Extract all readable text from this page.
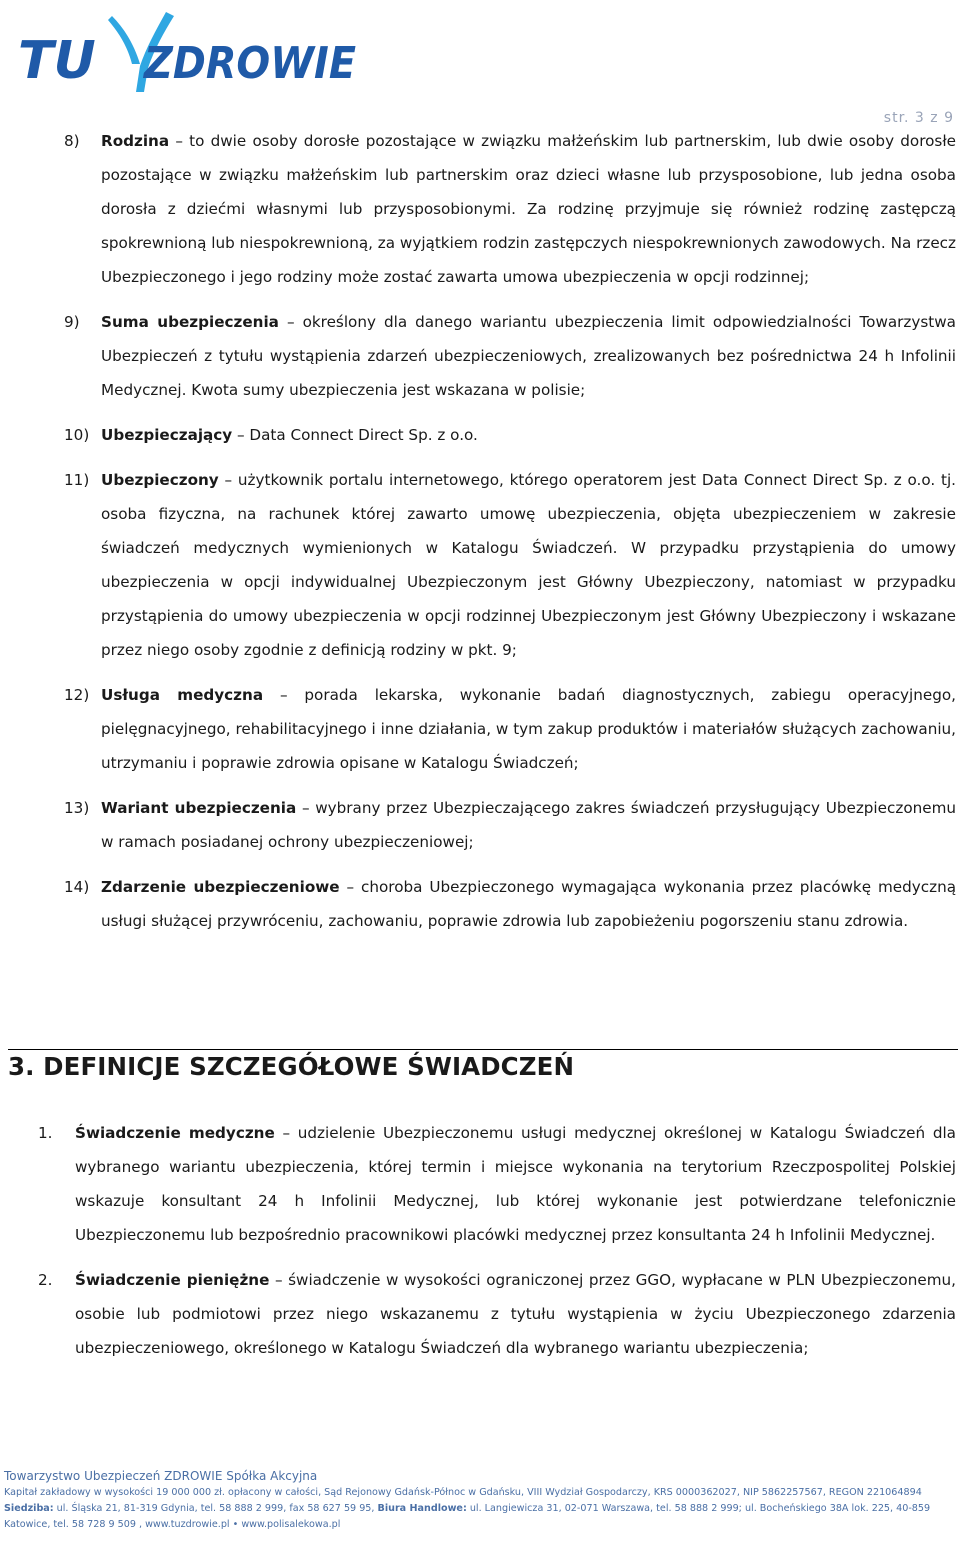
TU ZDROWIE
str. 3 z 9
8) Rodzina – to dwie osoby dorosłe pozostające w związku małżeńskim lub partnerskim, lub dwie osoby dorosłe pozostające w związku małżeńskim lub partnerskim oraz dzieci własne lub przysposobione, lub jedna osoba dorosła z dziećmi własnymi lub przysposobionymi. Za rodzinę przyjmuje się również rodzinę zastępczą spokrewnioną lub niespokrewnioną, za wyjątkiem rodzin zastępczych niespokrewnionych zawodowych. Na rzecz Ubezpieczonego i jego rodziny może zostać zawarta umowa ubezpieczenia w opcji rodzinnej;
9) Suma ubezpieczenia – określony dla danego wariantu ubezpieczenia limit odpowiedzialności Towarzystwa Ubezpieczeń z tytułu wystąpienia zdarzeń ubezpieczeniowych, zrealizowanych bez pośrednictwa 24 h Infolinii Medycznej. Kwota sumy ubezpieczenia jest wskazana w polisie;
10) Ubezpieczający – Data Connect Direct Sp. z o.o.
11) Ubezpieczony – użytkownik portalu internetowego, którego operatorem jest Data Connect Direct Sp. z o.o. tj. osoba fizyczna, na rachunek której zawarto umowę ubezpieczenia, objęta ubezpieczeniem w zakresie świadczeń medycznych wymienionych w Katalogu Świadczeń. W przypadku przystąpienia do umowy ubezpieczenia w opcji indywidualnej Ubezpieczonym jest Główny Ubezpieczony, natomiast w przypadku przystąpienia do umowy ubezpieczenia w opcji rodzinnej Ubezpieczonym jest Główny Ubezpieczony i wskazane przez niego osoby zgodnie z definicją rodziny w pkt. 9;
12) Usługa medyczna – porada lekarska, wykonanie badań diagnostycznych, zabiegu operacyjnego, pielęgnacyjnego, rehabilitacyjnego i inne działania, w tym zakup produktów i materiałów służących zachowaniu, utrzymaniu i poprawie zdrowia opisane w Katalogu Świadczeń;
13) Wariant ubezpieczenia – wybrany przez Ubezpieczającego zakres świadczeń przysługujący Ubezpieczonemu w ramach posiadanej ochrony ubezpieczeniowej;
14) Zdarzenie ubezpieczeniowe – choroba Ubezpieczonego wymagająca wykonania przez placówkę medyczną usługi służącej przywróceniu, zachowaniu, poprawie zdrowia lub zapobieżeniu pogorszeniu stanu zdrowia.
3. DEFINICJE SZCZEGÓŁOWE ŚWIADCZEŃ
1. Świadczenie medyczne – udzielenie Ubezpieczonemu usługi medycznej określonej w Katalogu Świadczeń dla wybranego wariantu ubezpieczenia, której termin i miejsce wykonania na terytorium Rzeczpospolitej Polskiej wskazuje konsultant 24 h Infolinii Medycznej, lub której wykonanie jest potwierdzane telefonicznie Ubezpieczonemu lub bezpośrednio pracownikowi placówki medycznej przez konsultanta 24 h Infolinii Medycznej.
2. Świadczenie pieniężne – świadczenie w wysokości ograniczonej przez GGO, wypłacane w PLN Ubezpieczonemu, osobie lub podmiotowi przez niego wskazanemu z tytułu wystąpienia w życiu Ubezpieczonego zdarzenia ubezpieczeniowego, określonego w Katalogu Świadczeń dla wybranego wariantu ubezpieczenia;
Towarzystwo Ubezpieczeń ZDROWIE Spółka Akcyjna
Kapitał zakładowy w wysokości 19 000 000 zł. opłacony w całości, Sąd Rejonowy Gdańsk-Północ w Gdańsku, VIII Wydział Gospodarczy, KRS 0000362027, NIP 5862257567, REGON 221064894
Siedziba: ul. Śląska 21, 81-319 Gdynia, tel. 58 888 2 999, fax 58 627 59 95, Biura Handlowe: ul. Langiewicza 31, 02-071 Warszawa, tel. 58 888 2 999; ul. Bocheńskiego 38A lok. 225, 40-859
Katowice, tel. 58 728 9 509 , www.tuzdrowie.pl • www.polisalekowa.pl
